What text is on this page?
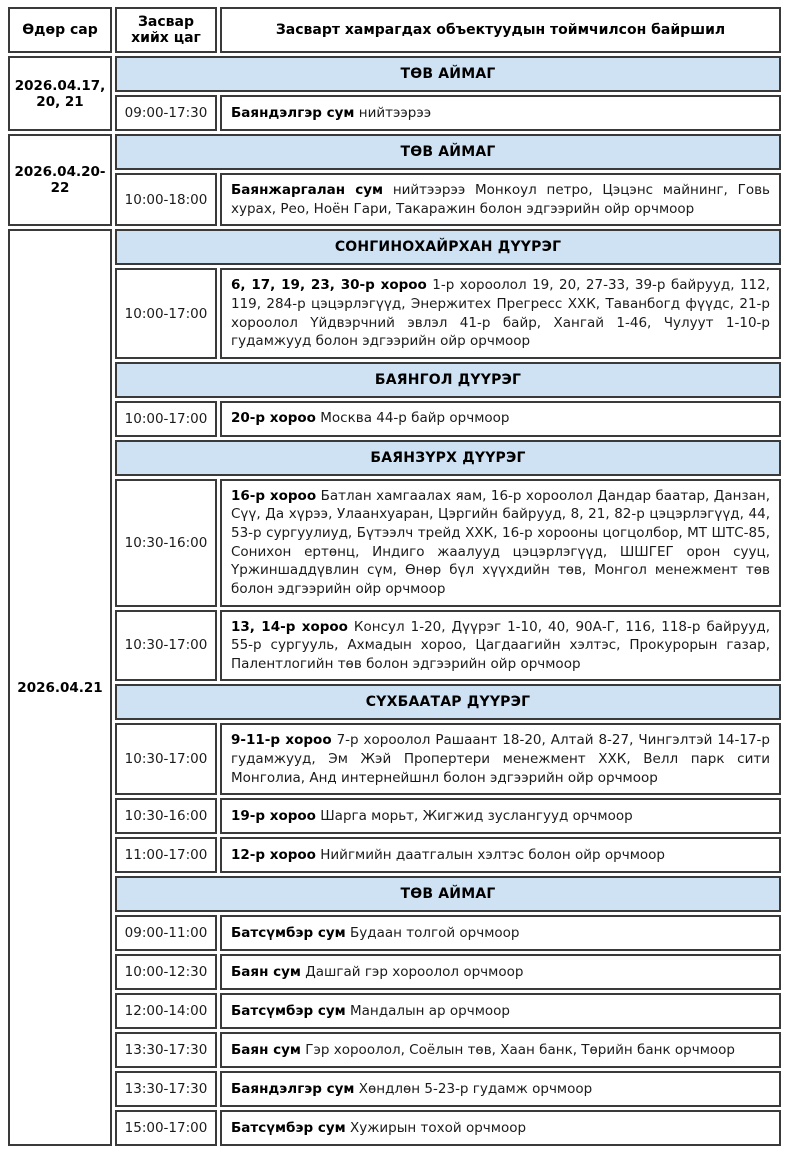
Өдөр сар	Засвар хийх цаг	Засварт хамрагдах объектуудын тоймчилсон байршил
2026.04.17, 20, 21	ТӨВ АЙМАГ	
	09:00-17:30	Баяндэлгэр сум нийтээрээ
2026.04.20-22	ТӨВ АЙМАГ	
	10:00-18:00	Баянжаргалан сум нийтээрээ Монкоул петро, Цэцэнс майнинг, Говь хурах, Рео, Ноён Гари, Такаражин болон эдгээрийн ойр орчмоор
2026.04.21	СОНГИНОХАЙРХАН ДҮҮРЭГ	
	10:00-17:00	6, 17, 19, 23, 30-р хороо 1-р хороолол 19, 20, 27-33, 39-р байрууд, 112, 119, 284-р цэцэрлэгүүд, Энержитех Прегресс ХХК, Таванбогд фүүдс, 21-р хороолол Үйдвэрчний эвлэл 41-р байр, Хангай 1-46, Чулуут 1-10-р гудамжууд болон эдгээрийн ойр орчмоор
	БАЯНГОЛ ДҮҮРЭГ	
	10:00-17:00	20-р хороо Москва 44-р байр орчмоор
	БАЯНЗҮРХ ДҮҮРЭГ	
	10:30-16:00	16-р хороо Батлан хамгаалах яам, 16-р хороолол Дандар баатар, Данзан, Сүү, Да хүрээ, Улаанхуаран, Цэргийн байрууд, 8, 21, 82-р цэцэрлэгүүд, 44, 53-р сургуулиуд, Бүтээлч трейд ХХК, 16-р хорооны цогцолбор, МТ ШТС-85, Сонихон ертөнц, Индиго жаалууд цэцэрлэгүүд, ШШГЕГ орон сууц, Үржиншаддүвлин сүм, Өнөр бүл хүүхдийн төв, Монгол менежмент төв болон эдгээрийн ойр орчмоор
	10:30-17:00	13, 14-р хороо Консул 1-20, Дүүрэг 1-10, 40, 90А-Г, 116, 118-р байрууд, 55-р сургууль, Ахмадын хороо, Цагдаагийн хэлтэс, Прокурорын газар, Палентлогийн төв болон эдгээрийн ойр орчмоор
	СҮХБААТАР ДҮҮРЭГ	
	10:30-17:00	9-11-р хороо 7-р хороолол Рашаант 18-20, Алтай 8-27, Чингэлтэй 14-17-р гудамжууд, Эм Жэй Пропертери менежмент ХХК, Велл парк сити Монголиа, Анд интернейшнл болон эдгээрийн ойр орчмоор
	10:30-16:00	19-р хороо Шарга морьт, Жигжид зуслангууд орчмоор
	11:00-17:00	12-р хороо Нийгмийн даатгалын хэлтэс болон ойр орчмоор
	ТӨВ АЙМАГ	
	09:00-11:00	Батсүмбэр сум Будаан толгой орчмоор
	10:00-12:30	Баян сум Дашгай гэр хороолол орчмоор
	12:00-14:00	Батсүмбэр сум Мандалын ар орчмоор
	13:30-17:30	Баян сум Гэр хороолол, Соёлын төв, Хаан банк, Төрийн банк орчмоор
	13:30-17:30	Баяндэлгэр сум Хөндлөн 5-23-р гудамж орчмоор
	15:00-17:00	Батсүмбэр сум Хужирын тохой орчмоор
